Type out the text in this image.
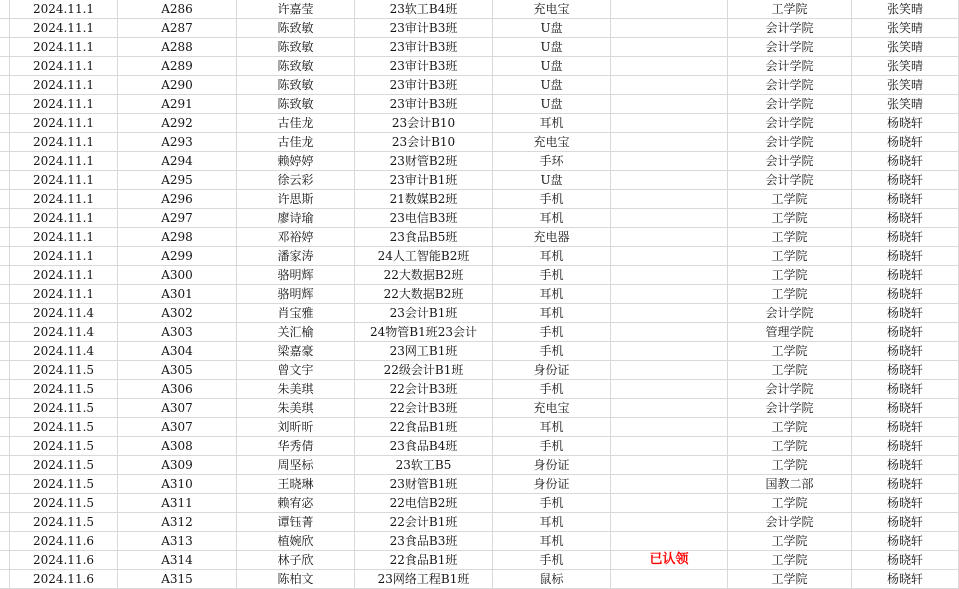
2024.11.1	A286	许嘉莹	23软工B4班	充电宝	工学院	张笑晴
2024.11.1	A287	陈致敏	23审计B3班	U盘	会计学院	张笑晴
2024.11.1	A288	陈致敏	23审计B3班	U盘	会计学院	张笑晴
2024.11.1	A289	陈致敏	23审计B3班	U盘	会计学院	张笑晴
2024.11.1	A290	陈致敏	23审计B3班	U盘	会计学院	张笑晴
2024.11.1	A291	陈致敏	23审计B3班	U盘	会计学院	张笑晴
2024.11.1	A292	古佳龙	23会计B10	耳机	会计学院	杨晓轩
2024.11.1	A293	古佳龙	23会计B10	充电宝	会计学院	杨晓轩
2024.11.1	A294	赖婷婷	23财管B2班	手环	会计学院	杨晓轩
2024.11.1	A295	徐云彩	23审计B1班	U盘	会计学院	杨晓轩
2024.11.1	A296	许思斯	21数媒B2班	手机	工学院	杨晓轩
2024.11.1	A297	廖诗瑜	23电信B3班	耳机	工学院	杨晓轩
2024.11.1	A298	邓裕婷	23食品B5班	充电器	工学院	杨晓轩
2024.11.1	A299	潘家涛	24人工智能B2班	耳机	工学院	杨晓轩
2024.11.1	A300	骆明辉	22大数据B2班	手机	工学院	杨晓轩
2024.11.1	A301	骆明辉	22大数据B2班	耳机	工学院	杨晓轩
2024.11.4	A302	肖宝雅	23会计B1班	耳机	会计学院	杨晓轩
2024.11.4	A303	关汇榆	24物管B1班23会计	手机	管理学院	杨晓轩
2024.11.4	A304	梁嘉豪	23网工B1班	手机	工学院	杨晓轩
2024.11.5	A305	曾文宇	22级会计B1班	身份证	工学院	杨晓轩
2024.11.5	A306	朱美琪	22会计B3班	手机	会计学院	杨晓轩
2024.11.5	A307	朱美琪	22会计B3班	充电宝	会计学院	杨晓轩
2024.11.5	A307	刘昕昕	22食品B1班	耳机	工学院	杨晓轩
2024.11.5	A308	华秀倩	23食品B4班	手机	工学院	杨晓轩
2024.11.5	A309	周坚标	23软工B5	身份证	工学院	杨晓轩
2024.11.5	A310	王晓琳	23财管B1班	身份证	国教二部	杨晓轩
2024.11.5	A311	赖宥宓	22电信B2班	手机	工学院	杨晓轩
2024.11.5	A312	谭钰菁	22会计B1班	耳机	会计学院	杨晓轩
2024.11.6	A313	植婉欣	23食品B3班	耳机	工学院	杨晓轩
2024.11.6	A314	林子欣	22食品B1班	手机	已认领	工学院	杨晓轩
2024.11.6	A315	陈柏文	23网络工程B1班	鼠标	工学院	杨晓轩
